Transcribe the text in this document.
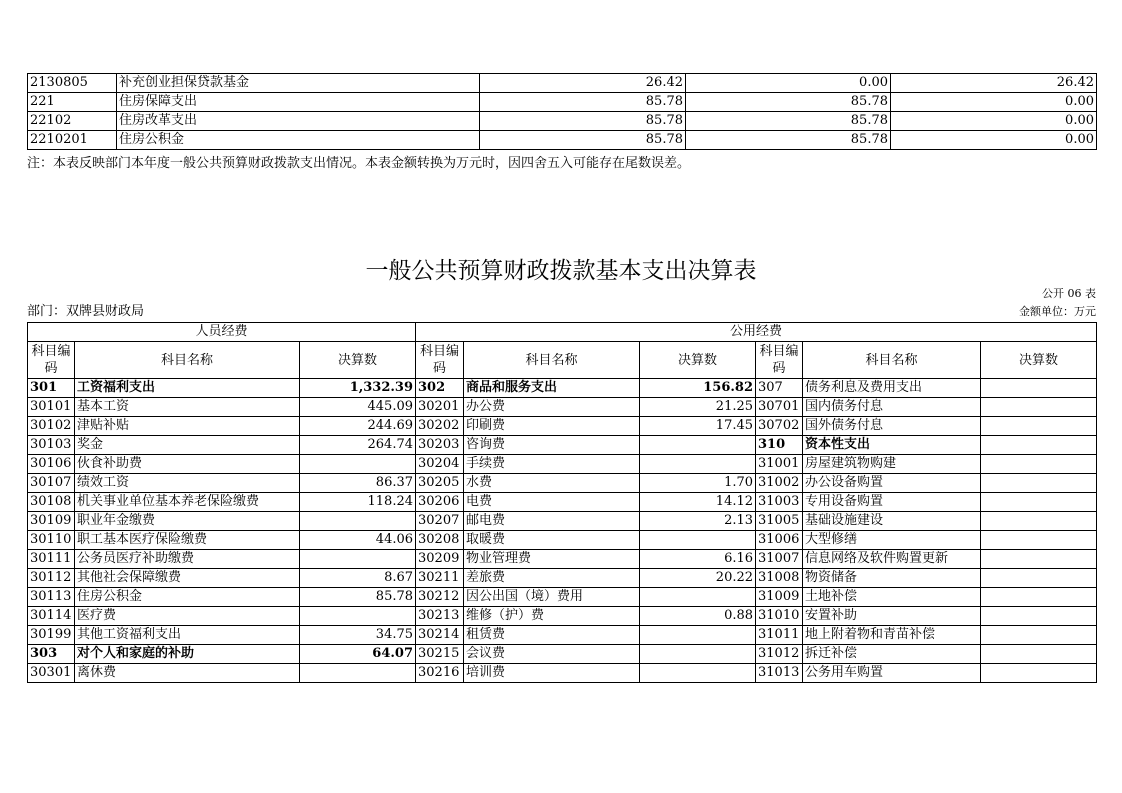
2130805	补充创业担保贷款基金	26.42	0.00	26.42
221	住房保障支出	85.78	85.78	0.00
22102	住房改革支出	85.78	85.78	0.00
2210201	住房公积金	85.78	85.78	0.00
注：本表反映部门本年度一般公共预算财政拨款支出情况。本表金额转换为万元时，因四舍五入可能存在尾数误差。
一般公共预算财政拨款基本支出决算表
公开 06 表
部门：双牌县财政局	金额单位：万元
人员经费			公用经费					
科目编码	科目名称	决算数	科目编码	科目名称	决算数	科目编码	科目名称	决算数
301	工资福利支出	1,332.39	302	商品和服务支出	156.82	307	债务利息及费用支出	
30101	基本工资	445.09	30201	办公费	21.25	30701	国内债务付息	
30102	津贴补贴	244.69	30202	印刷费	17.45	30702	国外债务付息	
30103	奖金	264.74	30203	咨询费		310	资本性支出	
30106	伙食补助费		30204	手续费		31001	房屋建筑物购建	
30107	绩效工资	86.37	30205	水费	1.70	31002	办公设备购置	
30108	机关事业单位基本养老保险缴费	118.24	30206	电费	14.12	31003	专用设备购置	
30109	职业年金缴费		30207	邮电费	2.13	31005	基础设施建设	
30110	职工基本医疗保险缴费	44.06	30208	取暖费		31006	大型修缮	
30111	公务员医疗补助缴费		30209	物业管理费	6.16	31007	信息网络及软件购置更新	
30112	其他社会保障缴费	8.67	30211	差旅费	20.22	31008	物资储备	
30113	住房公积金	85.78	30212	因公出国（境）费用		31009	土地补偿	
30114	医疗费		30213	维修（护）费	0.88	31010	安置补助	
30199	其他工资福利支出	34.75	30214	租赁费		31011	地上附着物和青苗补偿	
303	对个人和家庭的补助	64.07	30215	会议费		31012	拆迁补偿	
30301	离休费		30216	培训费		31013	公务用车购置	
